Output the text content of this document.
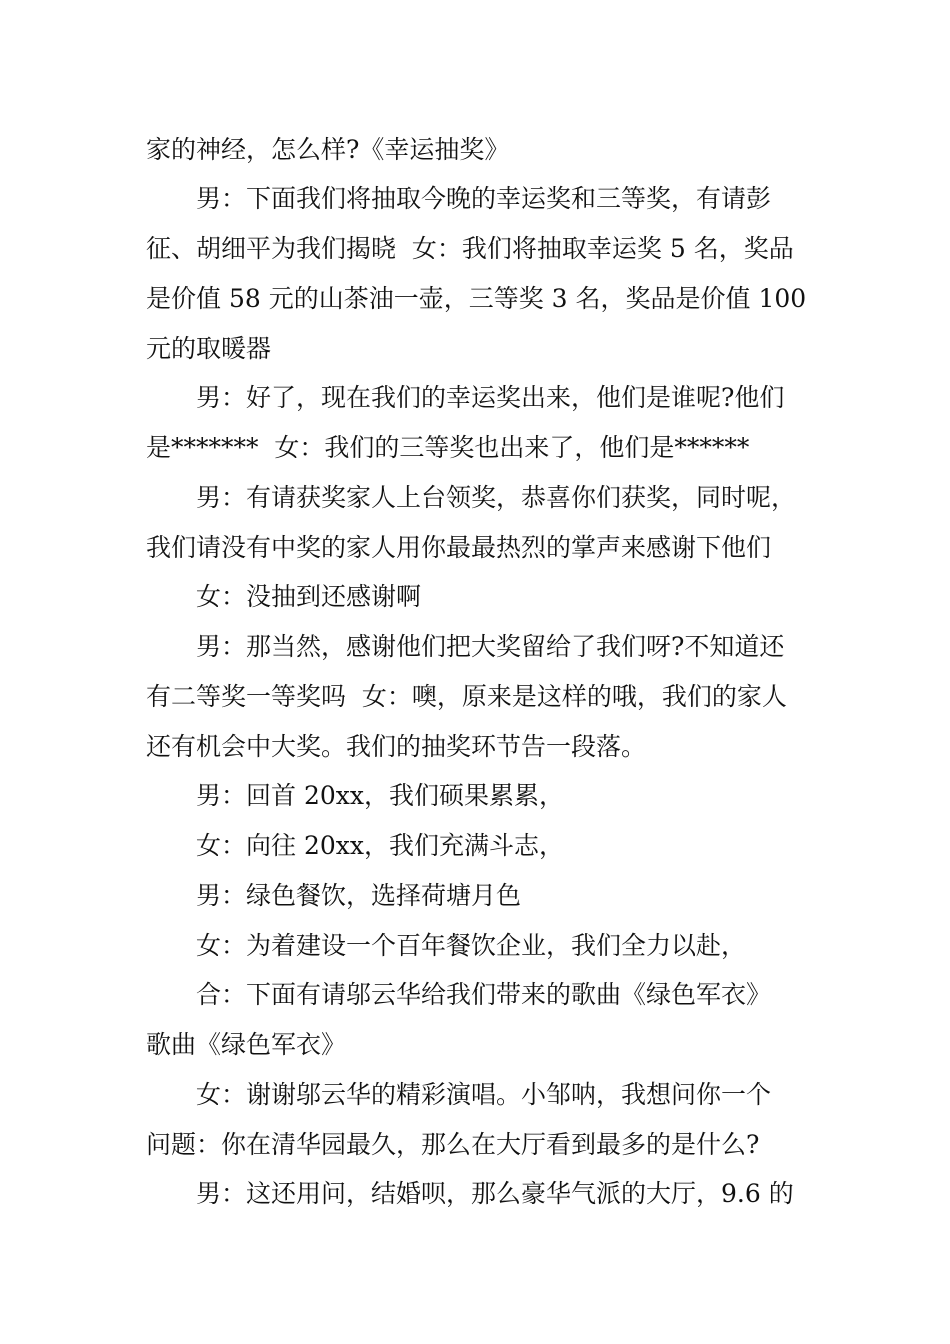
家的神经，怎么样?《幸运抽奖》
　　男：下面我们将抽取今晚的幸运奖和三等奖，有请彭
征、胡细平为我们揭晓  女：我们将抽取幸运奖 5 名，奖品
是价值 58 元的山茶油一壶，三等奖 3 名，奖品是价值 100
元的取暖器
　　男：好了，现在我们的幸运奖出来，他们是谁呢?他们
是*******  女：我们的三等奖也出来了，他们是******
　　男：有请获奖家人上台领奖，恭喜你们获奖，同时呢，
我们请没有中奖的家人用你最最热烈的掌声来感谢下他们
　　女：没抽到还感谢啊
　　男：那当然，感谢他们把大奖留给了我们呀?不知道还
有二等奖一等奖吗  女：噢，原来是这样的哦，我们的家人
还有机会中大奖。我们的抽奖环节告一段落。
　　男：回首 20xx，我们硕果累累，
　　女：向往 20xx，我们充满斗志，
　　男：绿色餐饮，选择荷塘月色
　　女：为着建设一个百年餐饮企业，我们全力以赴，
　　合：下面有请邬云华给我们带来的歌曲《绿色军衣》
歌曲《绿色军衣》
　　女：谢谢邬云华的精彩演唱。小邹呐，我想问你一个
问题：你在清华园最久，那么在大厅看到最多的是什么?
　　男：这还用问，结婚呗，那么豪华气派的大厅，9.6 的
